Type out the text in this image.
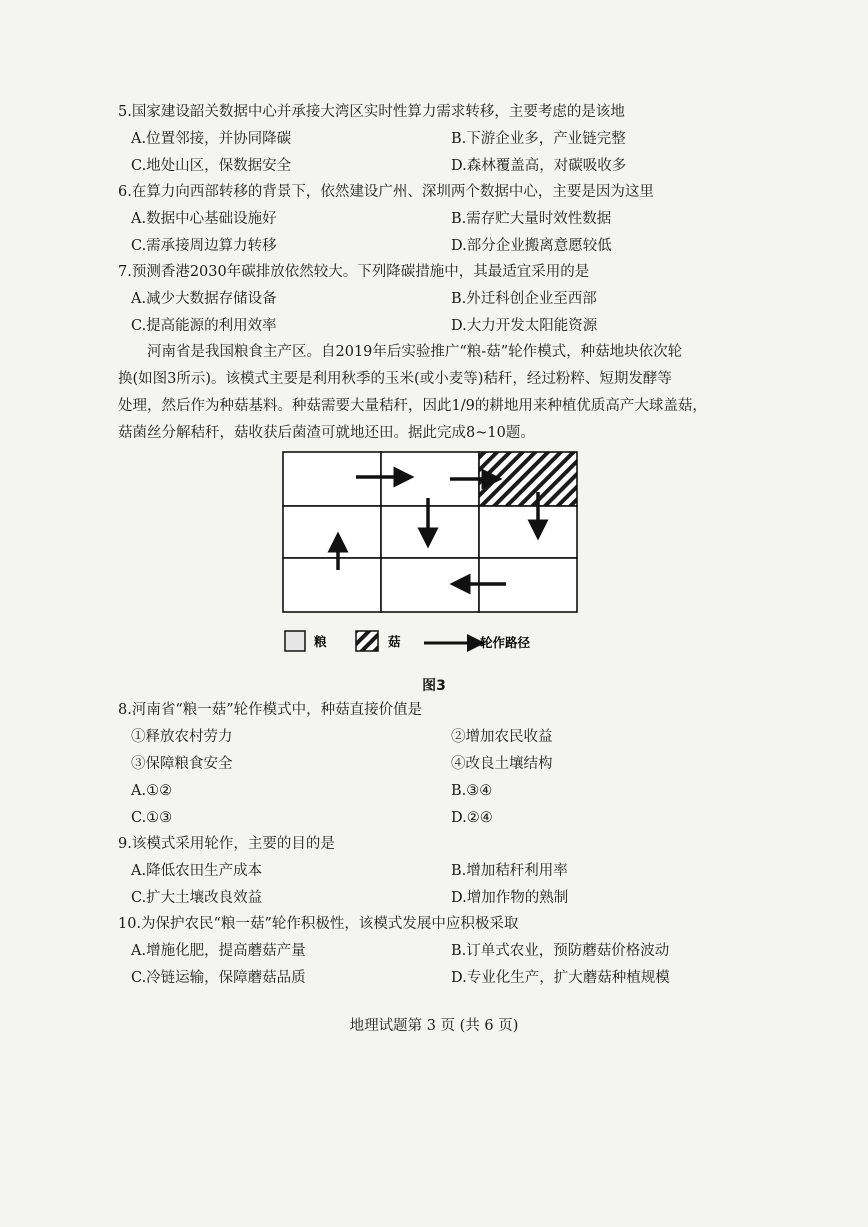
5.国家建设韶关数据中心并承接大湾区实时性算力需求转移，主要考虑的是该地
A.位置邻接，并协同降碳	B.下游企业多，产业链完整
C.地处山区，保数据安全	D.森林覆盖高，对碳吸收多
6.在算力向西部转移的背景下，依然建设广州、深圳两个数据中心，主要是因为这里
A.数据中心基础设施好	B.需存贮大量时效性数据
C.需承接周边算力转移	D.部分企业搬离意愿较低
7.预测香港2030年碳排放依然较大。下列降碳措施中，其最适宜采用的是
A.减少大数据存储设备	B.外迁科创企业至西部
C.提高能源的利用效率	D.大力开发太阳能资源
河南省是我国粮食主产区。自2019年后实验推广“粮-菇”轮作模式，种菇地块依次轮
换(如图3所示)。该模式主要是利用秋季的玉米(或小麦等)秸秆，经过粉粹、短期发酵等
处理，然后作为种菇基料。种菇需要大量秸秆，因此1/9的耕地用来种植优质高产大球盖菇，
菇菌丝分解秸秆，菇收获后菌渣可就地还田。据此完成8~10题。
粮	菇	轮作路径
图3
8.河南省“粮一菇”轮作模式中，种菇直接价值是
①释放农村劳力	②增加农民收益
③保障粮食安全	④改良土壤结构
A.①②	B.③④
C.①③	D.②④
9.该模式采用轮作，主要的目的是
A.降低农田生产成本	B.增加秸秆利用率
C.扩大土壤改良效益	D.增加作物的熟制
10.为保护农民“粮一菇”轮作积极性，该模式发展中应积极采取
A.增施化肥，提高蘑菇产量	B.订单式农业，预防蘑菇价格波动
C.冷链运输，保障蘑菇品质	D.专业化生产，扩大蘑菇种植规模
地理试题第 3 页 (共 6 页)
